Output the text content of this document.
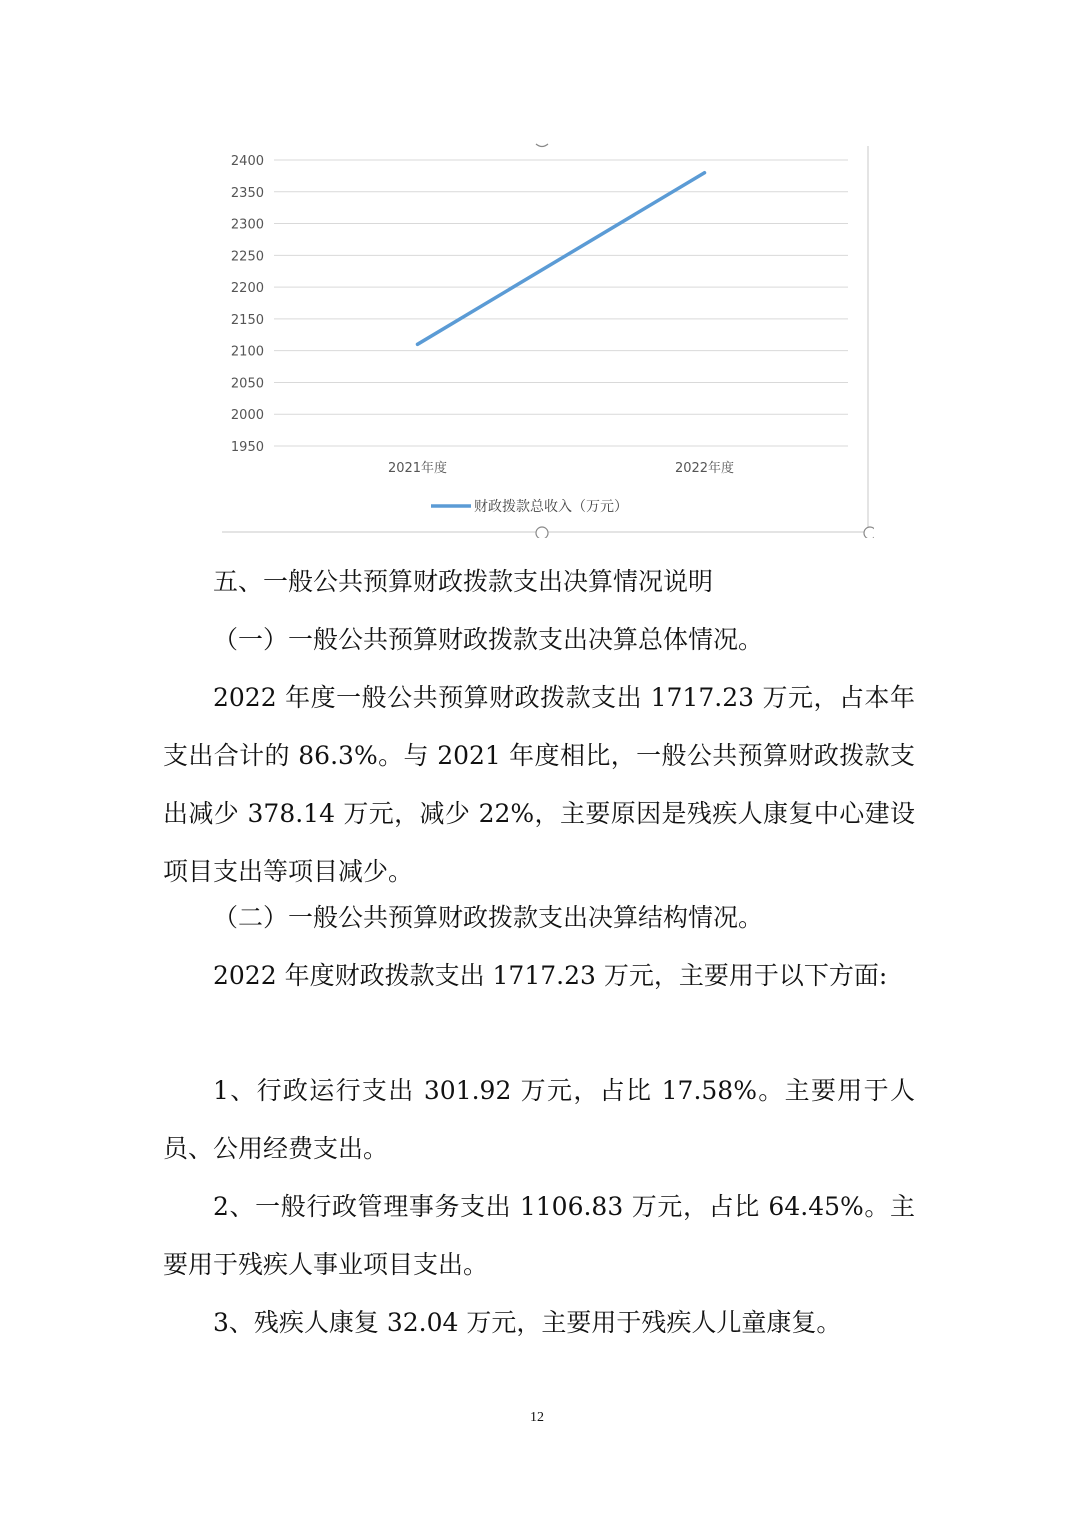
1950
2000
2050
2100
2150
2200
2250
2300
2350
2400
2021年度	2022年度
财政拨款总收入（万元）

五、一般公共预算财政拨款支出决算情况说明

（一）一般公共预算财政拨款支出决算总体情况。

2022 年度一般公共预算财政拨款支出 1717.23 万元，占本年支出合计的 86.3%。与 2021 年度相比，一般公共预算财政拨款支出减少 378.14 万元，减少 22%，主要原因是残疾人康复中心建设项目支出等项目减少。

（二）一般公共预算财政拨款支出决算结构情况。

2022 年度财政拨款支出 1717.23 万元，主要用于以下方面:

1、行政运行支出 301.92 万元，占比 17.58%。主要用于人员、公用经费支出。

2、一般行政管理事务支出 1106.83 万元，占比 64.45%。主要用于残疾人事业项目支出。

3、残疾人康复 32.04 万元，主要用于残疾人儿童康复。

12
